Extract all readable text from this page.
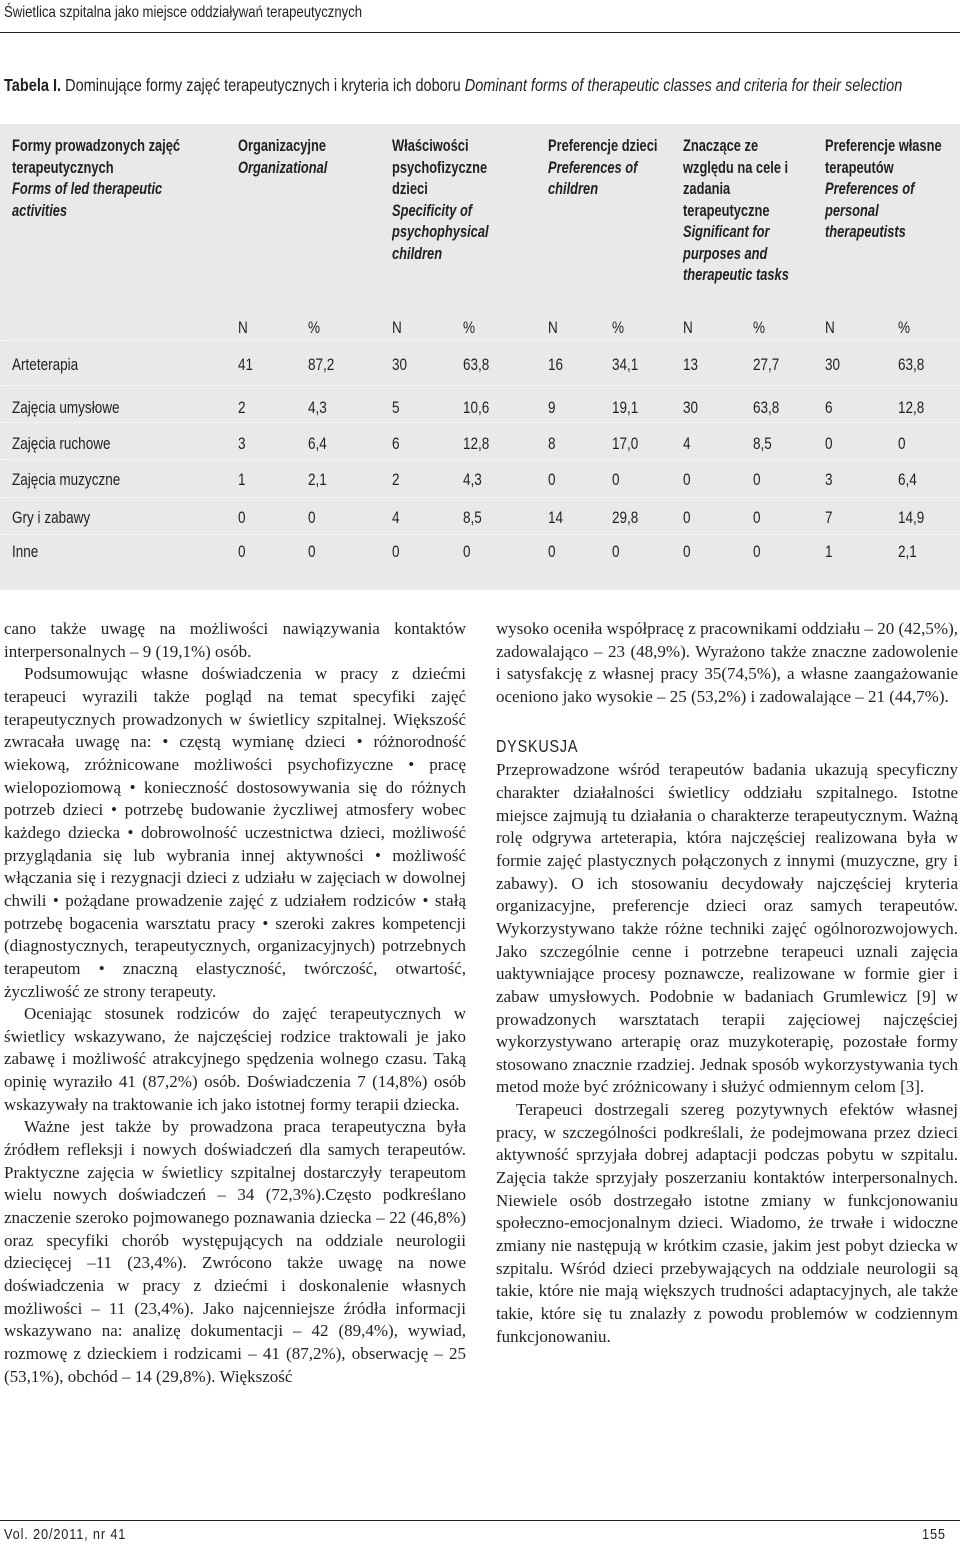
Świetlica szpitalna jako miejsce oddziaływań terapeutycznych
Tabela I. Dominujące formy zajęć terapeutycznych i kryteria ich doboru Dominant forms of therapeutic classes and criteria for their selection
Formy prowadzonych zajęć terapeutycznych
Forms of led therapeutic activities
Organizacyjne
Organizational
Właściwości psychofizyczne dzieci
Specificity of psychophysical children
Preferencje dzieci
Preferences of children
Znaczące ze względu na cele i zadania terapeutyczne
Significant for purposes and therapeutic tasks
Preferencje własne terapeutów
Preferences of personal therapeutists
N	%	N	%	N	%	N	%	N	%
Arteterapia	41	87,2	30	63,8	16	34,1	13	27,7	30	63,8
Zajęcia umysłowe	2	4,3	5	10,6	9	19,1	30	63,8	6	12,8
Zajęcia ruchowe	3	6,4	6	12,8	8	17,0	4	8,5	0	0
Zajęcia muzyczne	1	2,1	2	4,3	0	0	0	0	3	6,4
Gry i zabawy	0	0	4	8,5	14	29,8	0	0	7	14,9
Inne	0	0	0	0	0	0	0	0	1	2,1

cano także uwagę na możliwości nawiązywania kontaktów interpersonalnych – 9 (19,1%) osób.

Podsumowując własne doświadczenia w pracy z dziećmi terapeuci wyrazili także pogląd na temat specyfiki zajęć terapeutycznych prowadzonych w świetlicy szpitalnej. Większość zwracała uwagę na: • częstą wymianę dzieci • różnorodność wiekową, zróżnicowane możliwości psychofizyczne • pracę wielopoziomową • konieczność dostosowywania się do różnych potrzeb dzieci • potrzebę budowanie życzliwej atmosfery wobec każdego dziecka • dobrowolność uczestnictwa dzieci, możliwość przyglądania się lub wybrania innej aktywności • możliwość włączania się i rezygnacji dzieci z udziału w zajęciach w dowolnej chwili • pożądane prowadzenie zajęć z udziałem rodziców • stałą potrzebę bogacenia warsztatu pracy • szeroki zakres kompetencji (diagnostycznych, terapeutycznych, organizacyjnych) potrzebnych terapeutom • znaczną elastyczność, twórczość, otwartość, życzliwość ze strony terapeuty.

Oceniając stosunek rodziców do zajęć terapeutycznych w świetlicy wskazywano, że najczęściej rodzice traktowali je jako zabawę i możliwość atrakcyjnego spędzenia wolnego czasu. Taką opinię wyraziło 41 (87,2%) osób. Doświadczenia 7 (14,8%) osób wskazywały na traktowanie ich jako istotnej formy terapii dziecka.

Ważne jest także by prowadzona praca terapeutyczna była źródłem refleksji i nowych doświadczeń dla samych terapeutów. Praktyczne zajęcia w świetlicy szpitalnej dostarczyły terapeutom wielu nowych doświadczeń – 34 (72,3%).Często podkreślano znaczenie szeroko pojmowanego poznawania dziecka – 22 (46,8%) oraz specyfiki chorób występujących na oddziale neurologii dziecięcej –11 (23,4%). Zwrócono także uwagę na nowe doświadczenia w pracy z dziećmi i doskonalenie własnych możliwości – 11 (23,4%). Jako najcenniejsze źródła informacji wskazywano na: analizę dokumentacji – 42 (89,4%), wywiad, rozmowę z dzieckiem i rodzicami – 41 (87,2%), obserwację – 25 (53,1%), obchód – 14 (29,8%). Większość

wysoko oceniła współpracę z pracownikami oddziału – 20 (42,5%), zadowalająco – 23 (48,9%). Wyrażono także znaczne zadowolenie i satysfakcję z własnej pracy 35(74,5%), a własne zaangażowanie oceniono jako wysokie – 25 (53,2%) i zadowalające – 21 (44,7%).

DYSKUSJA

Przeprowadzone wśród terapeutów badania ukazują specyficzny charakter działalności świetlicy oddziału szpitalnego. Istotne miejsce zajmują tu działania o charakterze terapeutycznym. Ważną rolę odgrywa arteterapia, która najczęściej realizowana była w formie zajęć plastycznych połączonych z innymi (muzyczne, gry i zabawy). O ich stosowaniu decydowały najczęściej kryteria organizacyjne, preferencje dzieci oraz samych terapeutów. Wykorzystywano także różne techniki zajęć ogólnorozwojowych. Jako szczególnie cenne i potrzebne terapeuci uznali zajęcia uaktywniające procesy poznawcze, realizowane w formie gier i zabaw umysłowych. Podobnie w badaniach Grumlewicz [9] w prowadzonych warsztatach terapii zajęciowej najczęściej wykorzystywano arterapię oraz muzykoterapię, pozostałe formy stosowano znacznie rzadziej. Jednak sposób wykorzystywania tych metod może być zróżnicowany i służyć odmiennym celom [3].

Terapeuci dostrzegali szereg pozytywnych efektów własnej pracy, w szczególności podkreślali, że podejmowana przez dzieci aktywność sprzyjała dobrej adaptacji podczas pobytu w szpitalu. Zajęcia także sprzyjały poszerzaniu kontaktów interpersonalnych. Niewiele osób dostrzegało istotne zmiany w funkcjonowaniu społeczno-emocjonalnym dzieci. Wiadomo, że trwałe i widoczne zmiany nie następują w krótkim czasie, jakim jest pobyt dziecka w szpitalu. Wśród dzieci przebywających na oddziale neurologii są takie, które nie mają większych trudności adaptacyjnych, ale także takie, które się tu znalazły z powodu problemów w codziennym funkcjonowaniu.

Vol. 20/2011, nr 41	155
